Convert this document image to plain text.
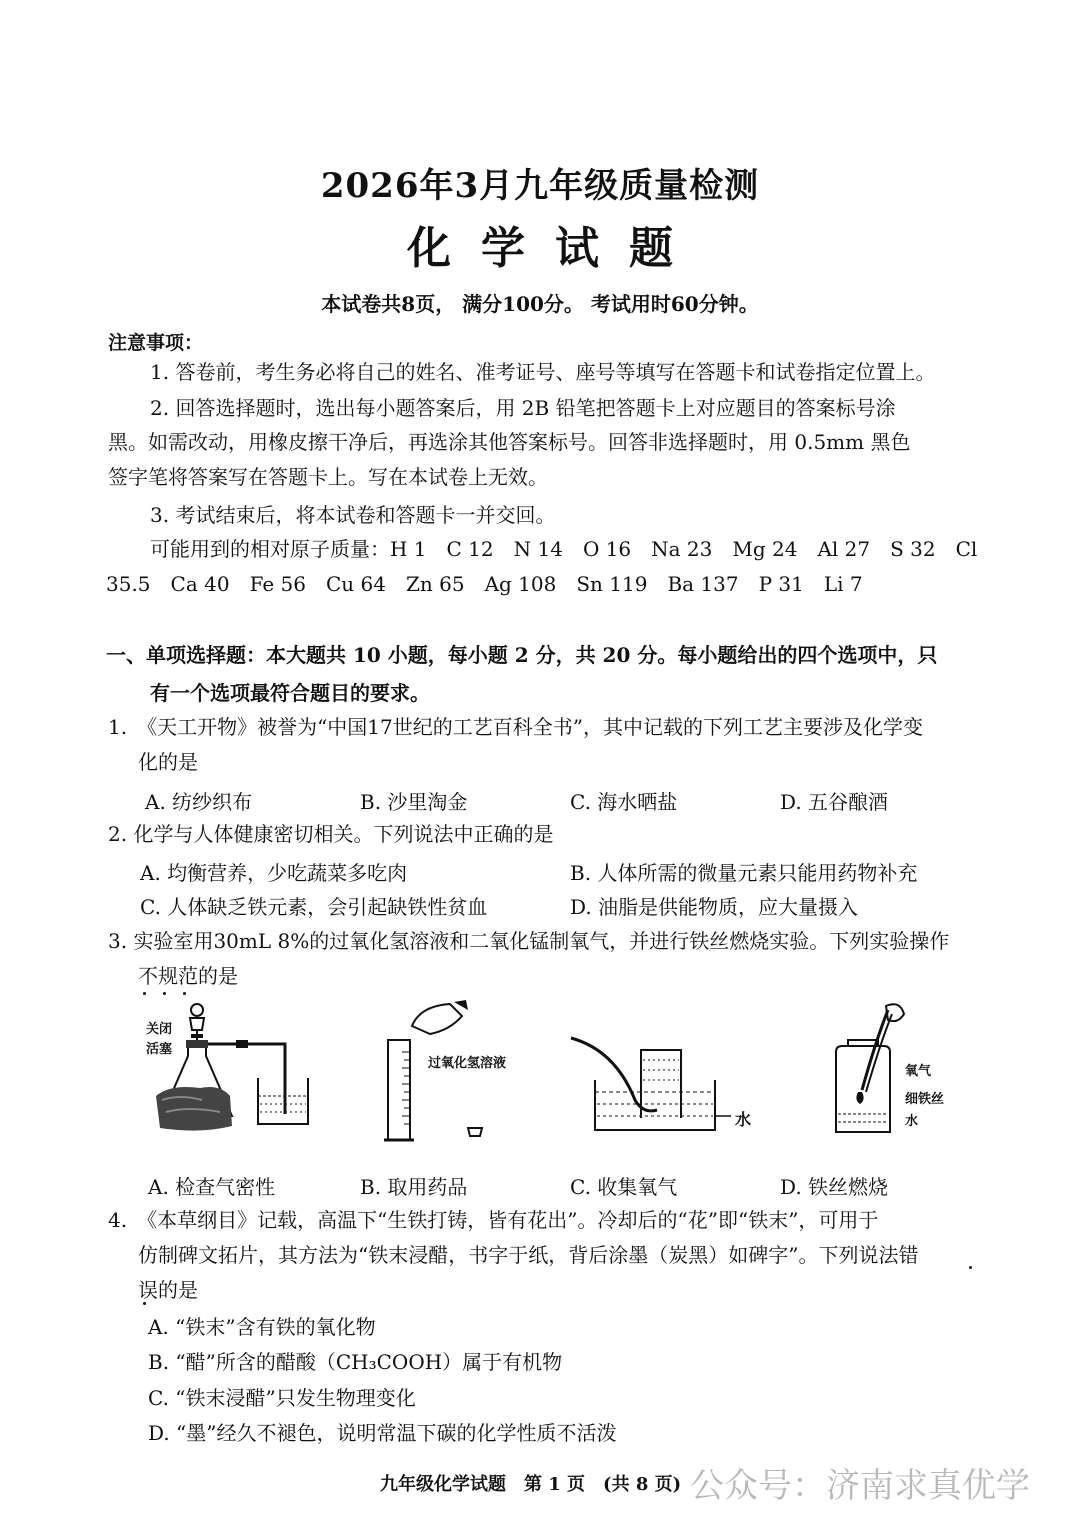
2026年3月九年级质量检测
化学试题
本试卷共8页， 满分100分。 考试用时60分钟。
注意事项：
1. 答卷前，考生务必将自己的姓名、准考证号、座号等填写在答题卡和试卷指定位置上。
2. 回答选择题时，选出每小题答案后，用 2B 铅笔把答题卡上对应题目的答案标号涂
黑。如需改动，用橡皮擦干净后，再选涂其他答案标号。回答非选择题时，用 0.5mm 黑色
签字笔将答案写在答题卡上。写在本试卷上无效。
3. 考试结束后，将本试卷和答题卡一并交回。
可能用到的相对原子质量：H 1　C 12　N 14　O 16　Na 23　Mg 24　Al 27　S 32　Cl
35.5　Ca 40　Fe 56　Cu 64　Zn 65　Ag 108　Sn 119　Ba 137　P 31　Li 7
一、单项选择题：本大题共 10 小题，每小题 2 分，共 20 分。每小题给出的四个选项中，只
有一个选项最符合题目的要求。
1.　《天工开物》被誉为“中国17世纪的工艺百科全书”，其中记载的下列工艺主要涉及化学变
化的是
A. 纺纱织布	B. 沙里淘金	C. 海水晒盐	D. 五谷酿酒
2. 化学与人体健康密切相关。下列说法中正确的是
A. 均衡营养，少吃蔬菜多吃肉	B. 人体所需的微量元素只能用药物补充
C. 人体缺乏铁元素，会引起缺铁性贫血	D. 油脂是供能物质，应大量摄入
3. 实验室用30mL 8%的过氧化氢溶液和二氧化锰制氧气，并进行铁丝燃烧实验。下列实验操作
不规范的是
关闭
活塞
过氧化氢溶液
水
氧气
细铁丝
水
A. 检查气密性	B. 取用药品	C. 收集氧气	D. 铁丝燃烧
4.　《本草纲目》记载，高温下“生铁打铸，皆有花出”。冷却后的“花”即“铁末”，可用于
仿制碑文拓片，其方法为“铁末浸醋，书字于纸，背后涂墨（炭黑）如碑字”。下列说法错
误的是
A. “铁末”含有铁的氧化物
B. “醋”所含的醋酸（CH₃COOH）属于有机物
C. “铁末浸醋”只发生物理变化
D. “墨”经久不褪色，说明常温下碳的化学性质不活泼
九年级化学试题　第 1 页　(共 8 页) 公众号：济南求真优学
